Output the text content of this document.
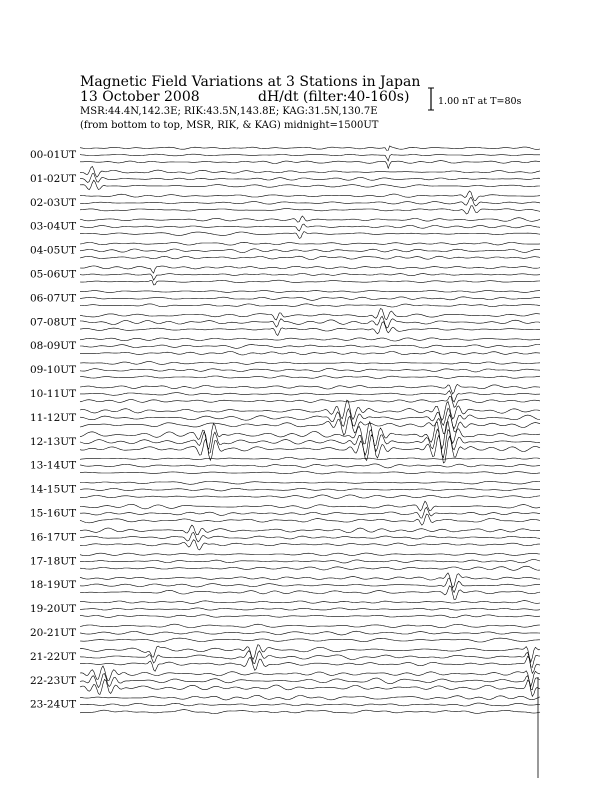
Magnetic Field Variations at 3 Stations in Japan
13 October 2008	dH/dt (filter:40-160s)
MSR:44.4N,142.3E; RIK:43.5N,143.8E; KAG:31.5N,130.7E
(from bottom to top, MSR, RIK, & KAG) midnight=1500UT
1.00 nT at T=80s
00-01UT
01-02UT
02-03UT
03-04UT
04-05UT
05-06UT
06-07UT
07-08UT
08-09UT
09-10UT
10-11UT
11-12UT
12-13UT
13-14UT
14-15UT
15-16UT
16-17UT
17-18UT
18-19UT
19-20UT
20-21UT
21-22UT
22-23UT
23-24UT
